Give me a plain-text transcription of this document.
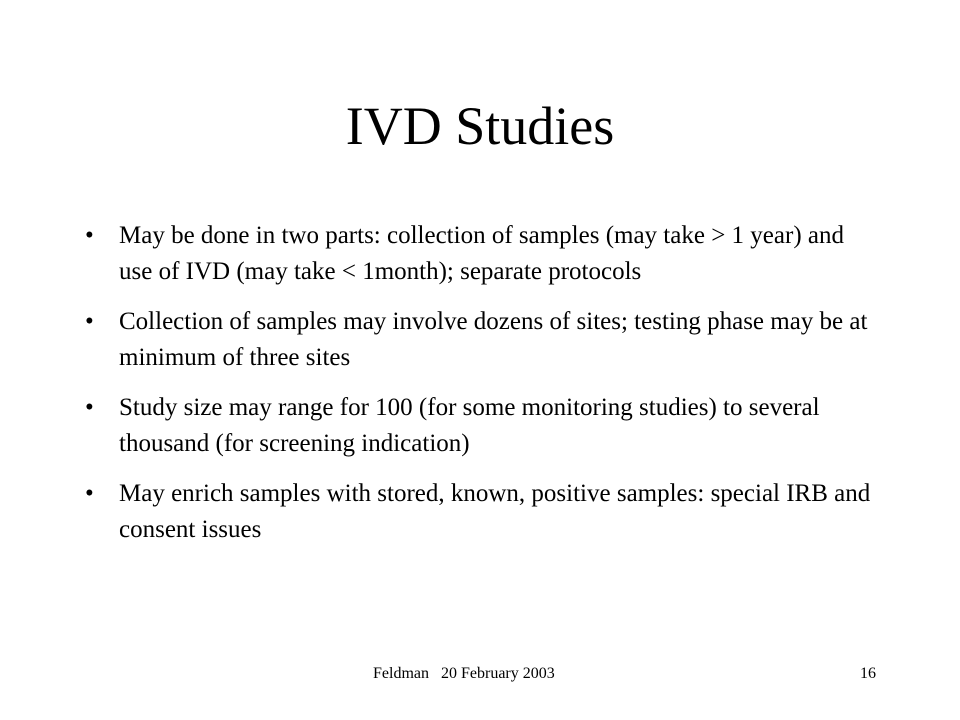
IVD Studies
• May be done in two parts: collection of samples (may take > 1 year) and use of IVD (may take < 1month); separate protocols
• Collection of samples may involve dozens of sites; testing phase may be at minimum of three sites
• Study size may range for 100 (for some monitoring studies) to several thousand (for screening indication)
• May enrich samples with stored, known, positive samples: special IRB and consent issues
Feldman   20 February 2003	16
